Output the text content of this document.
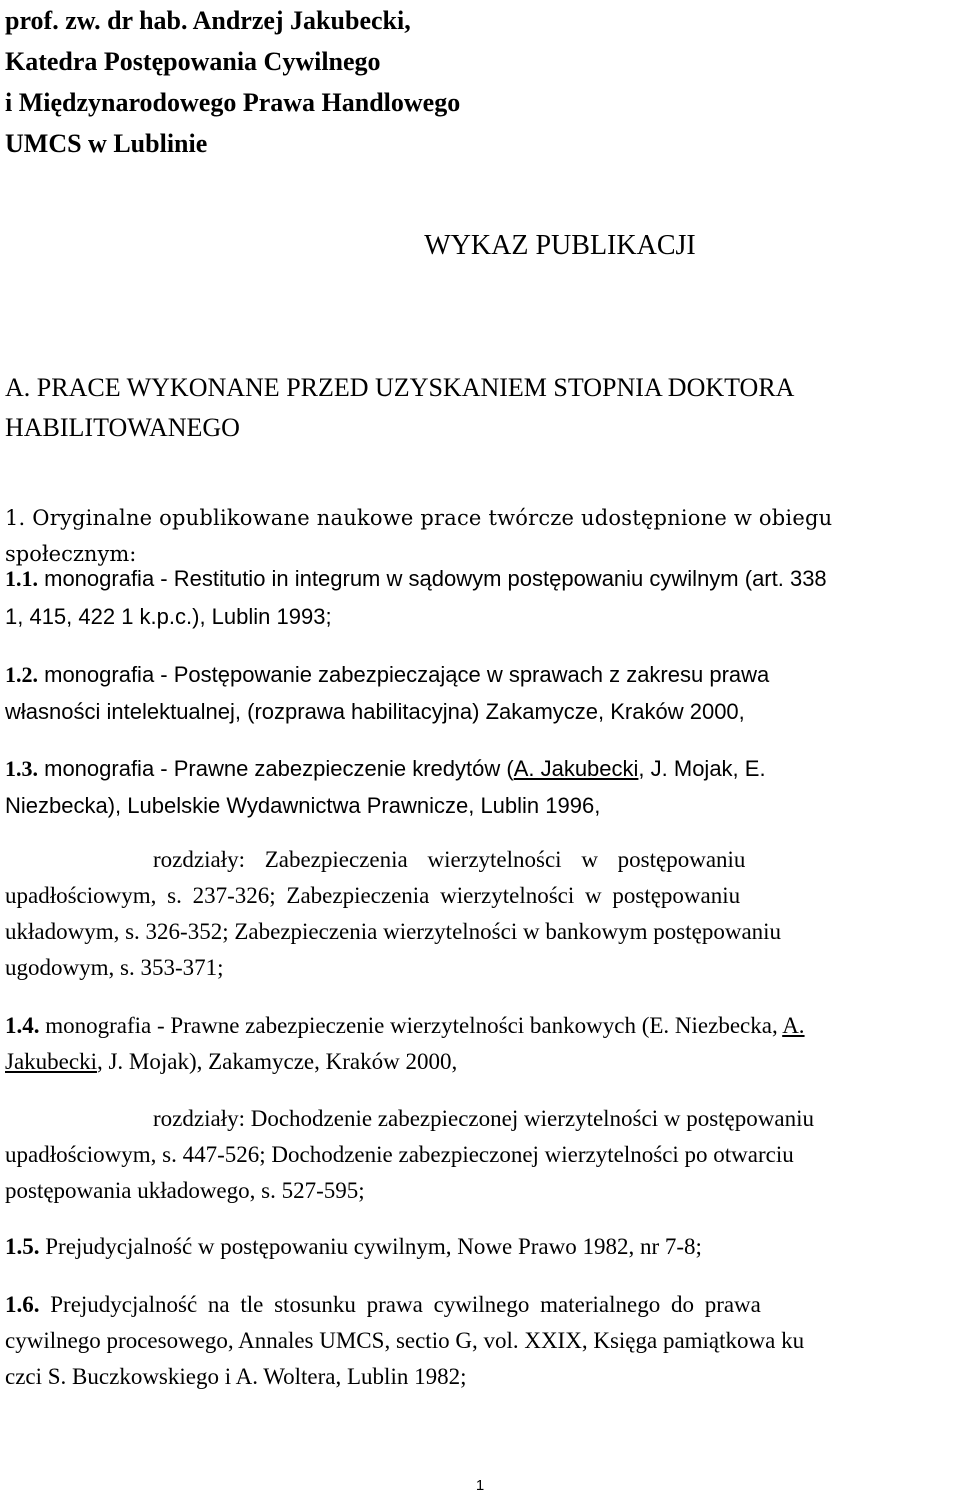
prof. zw. dr hab. Andrzej Jakubecki,
Katedra Postępowania Cywilnego
i Międzynarodowego Prawa Handlowego
UMCS w Lublinie
WYKAZ PUBLIKACJI
A. PRACE WYKONANE PRZED UZYSKANIEM STOPNIA DOKTORA
HABILITOWANEGO
1. Oryginalne opublikowane naukowe prace twórcze udostępnione w obiegu
społecznym:
1.1. monografia - Restitutio in integrum w sądowym postępowaniu cywilnym (art. 338
1, 415, 422 1 k.p.c.), Lublin 1993;
1.2. monografia - Postępowanie zabezpieczające w sprawach z zakresu prawa
własności intelektualnej, (rozprawa habilitacyjna) Zakamycze, Kraków 2000,
1.3. monografia - Prawne zabezpieczenie kredytów (A. Jakubecki, J. Mojak, E.
Niezbecka), Lubelskie Wydawnictwa Prawnicze, Lublin 1996,
rozdziały: Zabezpieczenia wierzytelności w postępowaniu
upadłościowym, s. 237-326; Zabezpieczenia wierzytelności w postępowaniu
układowym, s. 326-352; Zabezpieczenia wierzytelności w bankowym postępowaniu
ugodowym, s. 353-371;
1.4. monografia - Prawne zabezpieczenie wierzytelności bankowych (E. Niezbecka, A.
Jakubecki, J. Mojak), Zakamycze, Kraków 2000,
rozdziały: Dochodzenie zabezpieczonej wierzytelności w postępowaniu
upadłościowym, s. 447-526; Dochodzenie zabezpieczonej wierzytelności po otwarciu
postępowania układowego, s. 527-595;
1.5. Prejudycjalność w postępowaniu cywilnym, Nowe Prawo 1982, nr 7-8;
1.6. Prejudycjalność na tle stosunku prawa cywilnego materialnego do prawa
cywilnego procesowego, Annales UMCS, sectio G, vol. XXIX, Księga pamiątkowa ku
czci S. Buczkowskiego i A. Woltera, Lublin 1982;
1
